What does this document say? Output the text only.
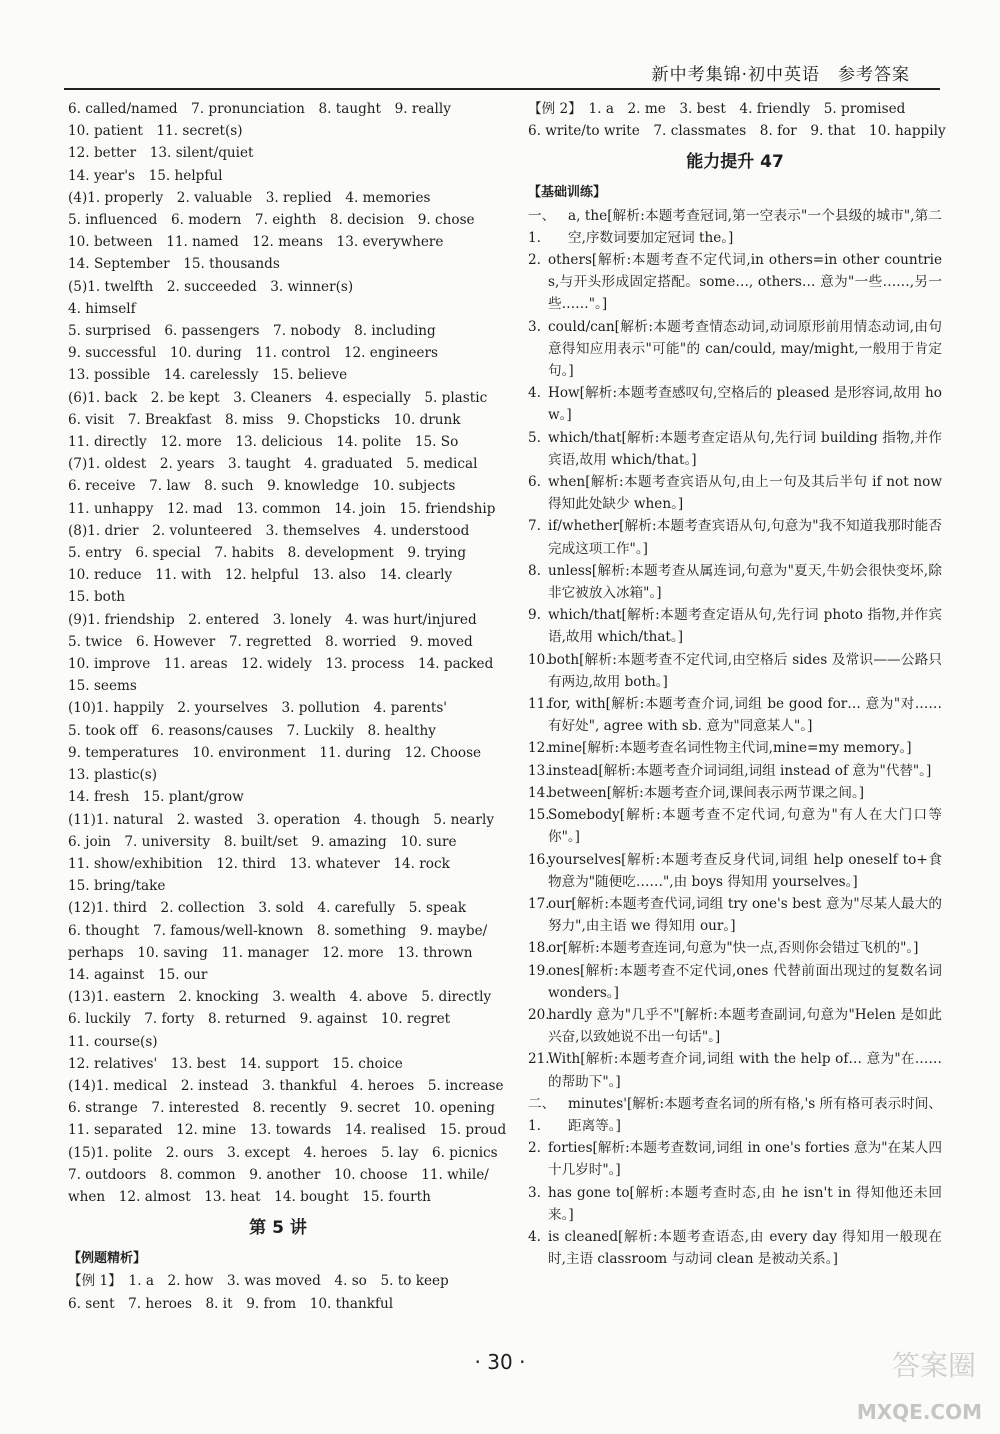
新中考集锦·初中英语　参考答案
6. called/named　7. pronunciation　8. taught　9. really
10. patient　11. secret(s)
12. better　13. silent/quiet
14. year's　15. helpful
(4)1. properly　2. valuable　3. replied　4. memories
5. influenced　6. modern　7. eighth　8. decision　9. chose
10. between　11. named　12. means　13. everywhere
14. September　15. thousands
(5)1. twelfth　2. succeeded　3. winner(s)
4. himself
5. surprised　6. passengers　7. nobody　8. including
9. successful　10. during　11. control　12. engineers
13. possible　14. carelessly　15. believe
(6)1. back　2. be kept　3. Cleaners　4. especially　5. plastic
6. visit　7. Breakfast　8. miss　9. Chopsticks　10. drunk
11. directly　12. more　13. delicious　14. polite　15. So
(7)1. oldest　2. years　3. taught　4. graduated　5. medical
6. receive　7. law　8. such　9. knowledge　10. subjects
11. unhappy　12. mad　13. common　14. join　15. friendship
(8)1. drier　2. volunteered　3. themselves　4. understood
5. entry　6. special　7. habits　8. development　9. trying
10. reduce　11. with　12. helpful　13. also　14. clearly
15. both
(9)1. friendship　2. entered　3. lonely　4. was hurt/injured
5. twice　6. However　7. regretted　8. worried　9. moved
10. improve　11. areas　12. widely　13. process　14. packed
15. seems
(10)1. happily　2. yourselves　3. pollution　4. parents'
5. took off　6. reasons/causes　7. Luckily　8. healthy
9. temperatures　10. environment　11. during　12. Choose
13. plastic(s)
14. fresh　15. plant/grow
(11)1. natural　2. wasted　3. operation　4. though　5. nearly
6. join　7. university　8. built/set　9. amazing　10. sure
11. show/exhibition　12. third　13. whatever　14. rock
15. bring/take
(12)1. third　2. collection　3. sold　4. carefully　5. speak
6. thought　7. famous/well-known　8. something　9. maybe/
perhaps　10. saving　11. manager　12. more　13. thrown
14. against　15. our
(13)1. eastern　2. knocking　3. wealth　4. above　5. directly
6. luckily　7. forty　8. returned　9. against　10. regret
11. course(s)
12. relatives'　13. best　14. support　15. choice
(14)1. medical　2. instead　3. thankful　4. heroes　5. increase
6. strange　7. interested　8. recently　9. secret　10. opening
11. separated　12. mine　13. towards　14. realised　15. proud
(15)1. polite　2. ours　3. except　4. heroes　5. lay　6. picnics
7. outdoors　8. common　9. another　10. choose　11. while/
when　12. almost　13. heat　14. bought　15. fourth
第 5 讲
【例题精析】
【例 1】　1. a　2. how　3. was moved　4. so　5. to keep
6. sent　7. heroes　8. it　9. from　10. thankful
【例 2】　1. a　2. me　3. best　4. friendly　5. promised
6. write/to write　7. classmates　8. for　9. that　10. happily
能力提升 47
【基础训练】
一、1.
a, the[解析:本题考查冠词,第一空表示"一个县级的城市",第二空,序数词要加定冠词 the。]
2. others[解析:本题考查不定代词,in others=in other countries,与开头形成固定搭配。some…, others… 意为"一些……,另一些……"。]
3. could/can[解析:本题考查情态动词,动词原形前用情态动词,由句意得知应用表示"可能"的 can/could, may/might,一般用于肯定句。]
4. How[解析:本题考查感叹句,空格后的 pleased 是形容词,故用 how。]
5. which/that[解析:本题考查定语从句,先行词 building 指物,并作宾语,故用 which/that。]
6. when[解析:本题考查宾语从句,由上一句及其后半句 if not now 得知此处缺少 when。]
7. if/whether[解析:本题考查宾语从句,句意为"我不知道我那时能否完成这项工作"。]
8. unless[解析:本题考查从属连词,句意为"夏天,牛奶会很快变坏,除非它被放入冰箱"。]
9. which/that[解析:本题考查定语从句,先行词 photo 指物,并作宾语,故用 which/that。]
10.
both[解析:本题考查不定代词,由空格后 sides 及常识——公路只有两边,故用 both。]
11.
for, with[解析:本题考查介词,词组 be good for… 意为"对……有好处", agree with sb. 意为"同意某人"。]
12.
mine[解析:本题考查名词性物主代词,mine=my memory。]
13.
instead[解析:本题考查介词词组,词组 instead of 意为"代替"。]
14.
between[解析:本题考查介词,课间表示两节课之间。]
15.
Somebody[解析:本题考查不定代词,句意为"有人在大门口等你"。]
16.
yourselves[解析:本题考查反身代词,词组 help oneself to+食物意为"随便吃……",由 boys 得知用 yourselves。]
17.
our[解析:本题考查代词,词组 try one's best 意为"尽某人最大的努力",由主语 we 得知用 our。]
18.
or[解析:本题考查连词,句意为"快一点,否则你会错过飞机的"。]
19.
ones[解析:本题考查不定代词,ones 代替前面出现过的复数名词 wonders。]
20.
hardly 意为"几乎不"[解析:本题考查副词,句意为"Helen 是如此兴奋,以致她说不出一句话"。]
21.
With[解析:本题考查介词,词组 with the help of… 意为"在……的帮助下"。]
二、1.
minutes'[解析:本题考查名词的所有格,'s 所有格可表示时间、距离等。]
2. forties[解析:本题考查数词,词组 in one's forties 意为"在某人四十几岁时"。]
3. has gone to[解析:本题考查时态,由 he isn't in 得知他还未回来。]
4. is cleaned[解析:本题考查语态,由 every day 得知用一般现在时,主语 classroom 与动词 clean 是被动关系。]
· 30 ·	答案圈
MXQE.COM
